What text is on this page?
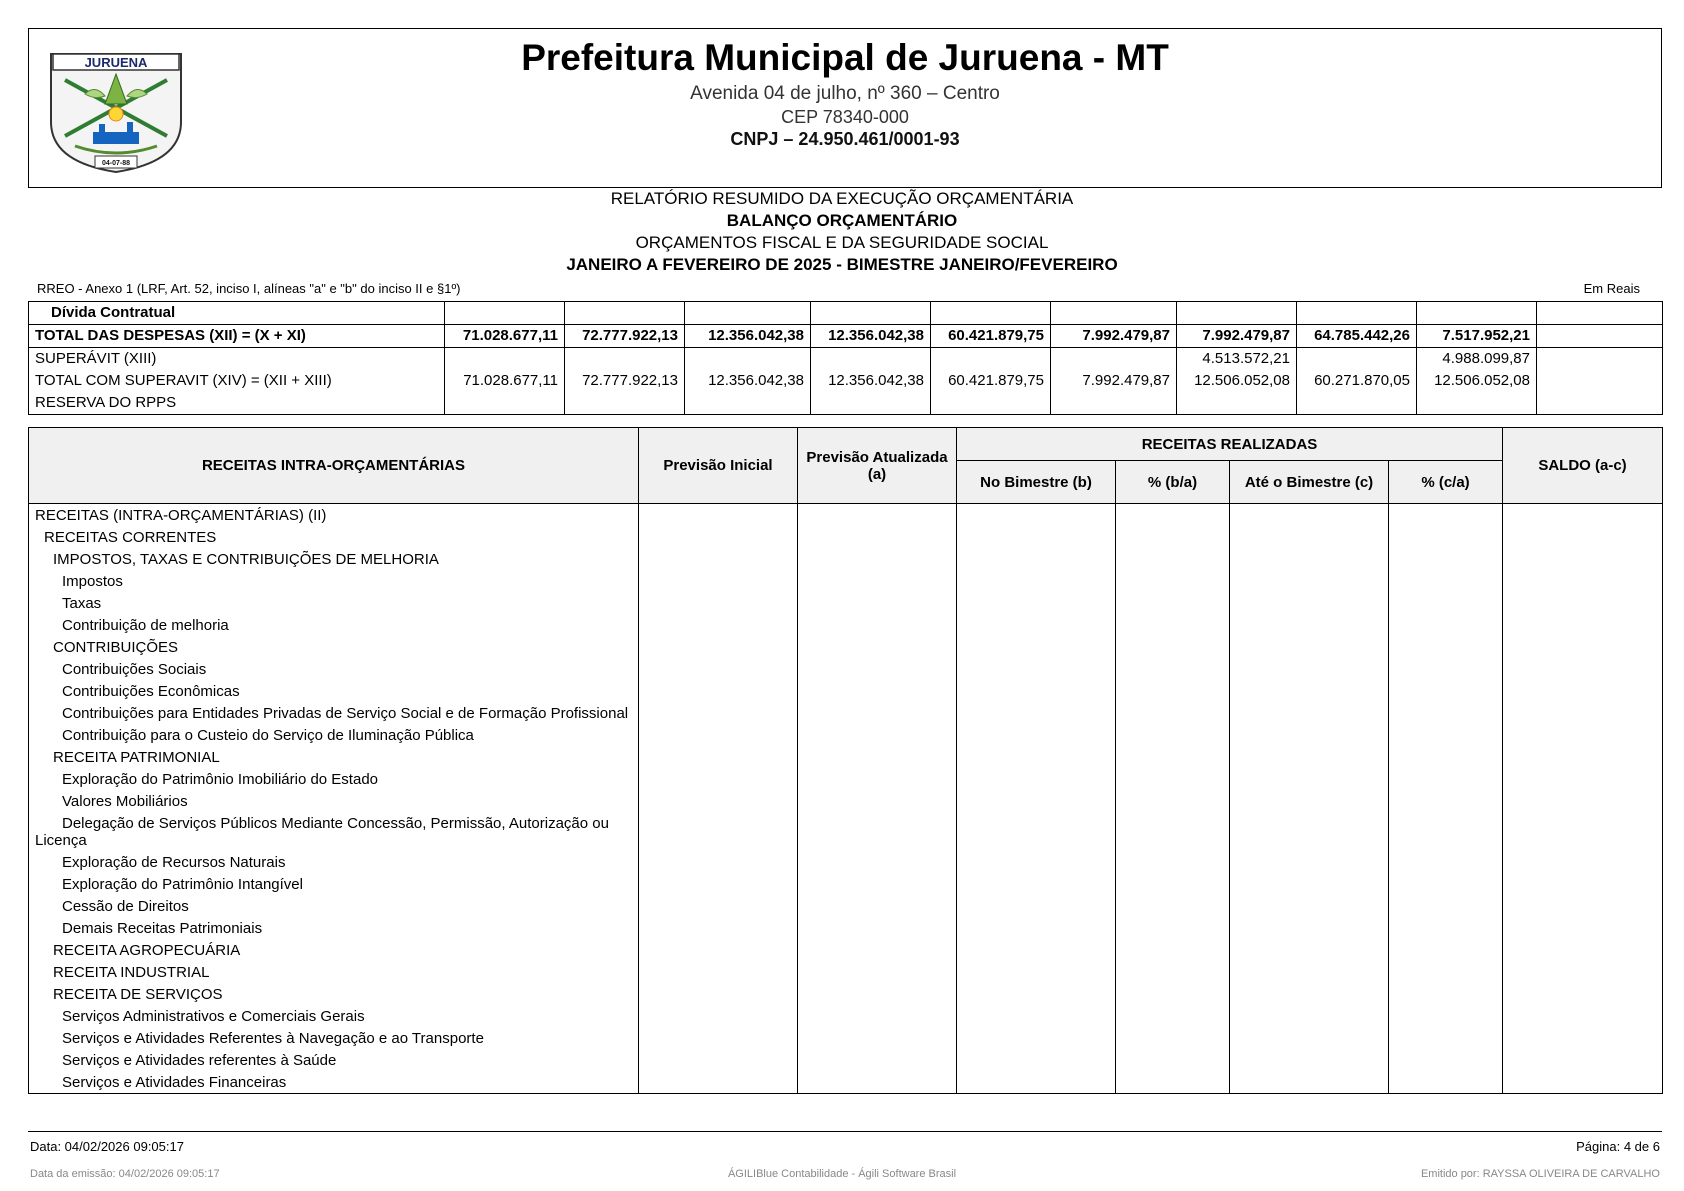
JURUENA
04-07-88
Prefeitura Municipal de Juruena - MT
Avenida 04 de julho, nº 360 – Centro
CEP 78340-000
CNPJ – 24.950.461/0001-93
RELATÓRIO RESUMIDO DA EXECUÇÃO ORÇAMENTÁRIA
BALANÇO ORÇAMENTÁRIO
ORÇAMENTOS FISCAL E DA SEGURIDADE SOCIAL
JANEIRO A FEVEREIRO DE 2025 - BIMESTRE JANEIRO/FEVEREIRO
RREO - Anexo 1 (LRF, Art. 52, inciso I, alíneas "a" e "b" do inciso II e §1º)	Em Reais
Dívida Contratual										
TOTAL DAS DESPESAS (XII) = (X + XI)	71.028.677,11	72.777.922,13	12.356.042,38	12.356.042,38	60.421.879,75	7.992.479,87	7.992.479,87	64.785.442,26	7.517.952,21	
SUPERÁVIT (XIII)							4.513.572,21		4.988.099,87	
TOTAL COM SUPERAVIT (XIV) = (XII + XIII)	71.028.677,11	72.777.922,13	12.356.042,38	12.356.042,38	60.421.879,75	7.992.479,87	12.506.052,08	60.271.870,05	12.506.052,08	
RESERVA DO RPPS										
RECEITAS INTRA-ORÇAMENTÁRIAS	Previsão Inicial	Previsão Atualizada (a)	RECEITAS REALIZADAS				SALDO (a-c)
			No Bimestre (b)	% (b/a)	Até o Bimestre (c)	% (c/a)	
RECEITAS (INTRA-ORÇAMENTÁRIAS) (II)							
RECEITAS CORRENTES							
IMPOSTOS, TAXAS E CONTRIBUIÇÕES DE MELHORIA							
Impostos							
Taxas							
Contribuição de melhoria							
CONTRIBUIÇÕES							
Contribuições Sociais							
Contribuições Econômicas							
Contribuições para Entidades Privadas de Serviço Social e de Formação Profissional							
Contribuição para o Custeio do Serviço de Iluminação Pública							
RECEITA PATRIMONIAL							
Exploração do Patrimônio Imobiliário do Estado							
Valores Mobiliários							
Delegação de Serviços Públicos Mediante Concessão, Permissão, Autorização ou Licença							
Exploração de Recursos Naturais							
Exploração do Patrimônio Intangível							
Cessão de Direitos							
Demais Receitas Patrimoniais							
RECEITA AGROPECUÁRIA							
RECEITA INDUSTRIAL							
RECEITA DE SERVIÇOS							
Serviços Administrativos e Comerciais Gerais							
Serviços e Atividades Referentes à Navegação e ao Transporte							
Serviços e Atividades referentes à Saúde							
Serviços e Atividades Financeiras							
Data: 04/02/2026 09:05:17	Página: 4 de 6
Data da emissão: 04/02/2026 09:05:17	ÁGILIBlue Contabilidade - Ágili Software Brasil	Emitido por: RAYSSA OLIVEIRA DE CARVALHO
